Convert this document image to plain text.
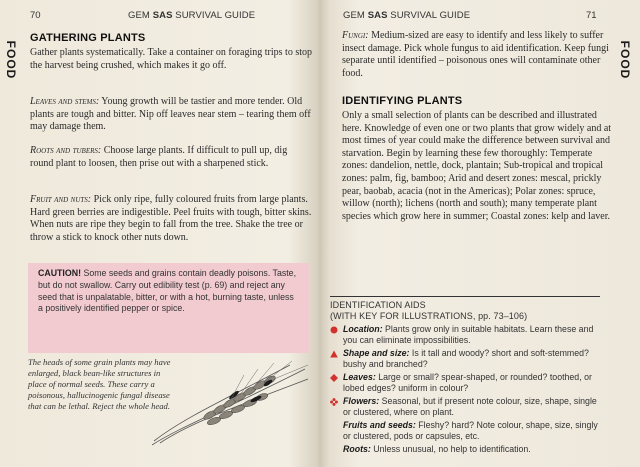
70	GEM SAS SURVIVAL GUIDE
FOOD
GATHERING PLANTS
Gather plants systematically. Take a container on foraging trips to stop the harvest being crushed, which makes it go off.
Leaves and stems: Young growth will be tastier and more tender. Old plants are tough and bitter. Nip off leaves near stem – tearing them off may damage them.
Roots and tubers: Choose large plants. If difficult to pull up, dig round plant to loosen, then prise out with a sharpened stick.
Fruit and nuts: Pick only ripe, fully coloured fruits from large plants. Hard green berries are indigestible. Peel fruits with tough, bitter skins. When nuts are ripe they begin to fall from the tree. Shake the tree or throw a stick to knock other nuts down.
CAUTION! Some seeds and grains contain deadly poisons. Taste, but do not swallow. Carry out edibility test (p. 69) and reject any seed that is unpalatable, bitter, or with a hot, burning taste, unless a positively identified pepper or spice.
The heads of some grain plants may have enlarged, black bean-like structures in place of normal seeds. These carry a poisonous, hallucinogenic fungal disease that can be lethal. Reject the whole head.
GEM SAS SURVIVAL GUIDE	71
FOOD
Fungi: Medium-sized are easy to identify and less likely to suffer insect damage. Pick whole fungus to aid identification. Keep fungi separate until identified – poisonous ones will contaminate other food.
IDENTIFYING PLANTS
Only a small selection of plants can be described and illustrated here. Knowledge of even one or two plants that grow widely and at most times of year could make the difference between survival and starvation. Begin by learning these few thoroughly: Temperate zones: dandelion, nettle, dock, plantain; Sub-tropical and tropical zones: palm, fig, bamboo; Arid and desert zones: mescal, prickly pear, baobab, acacia (not in the Americas); Polar zones: spruce, willow (north); lichens (north and south); many temperate plant species which grow here in summer; Coastal zones: kelp and laver.
IDENTIFICATION AIDS
(WITH KEY FOR ILLUSTRATIONS, pp. 73–106)
Location: Plants grow only in suitable habitats. Learn these and you can eliminate impossibilities.
Shape and size: Is it tall and woody? short and soft-stemmed? bushy and branched?
Leaves: Large or small? spear-shaped, or rounded? toothed, or lobed edges? uniform in colour?
Flowers: Seasonal, but if present note colour, size, shape, single or clustered, where on plant.
Fruits and seeds: Fleshy? hard? Note colour, shape, size, singly or clustered, pods or capsules, etc.
Roots: Unless unusual, no help to identification.
